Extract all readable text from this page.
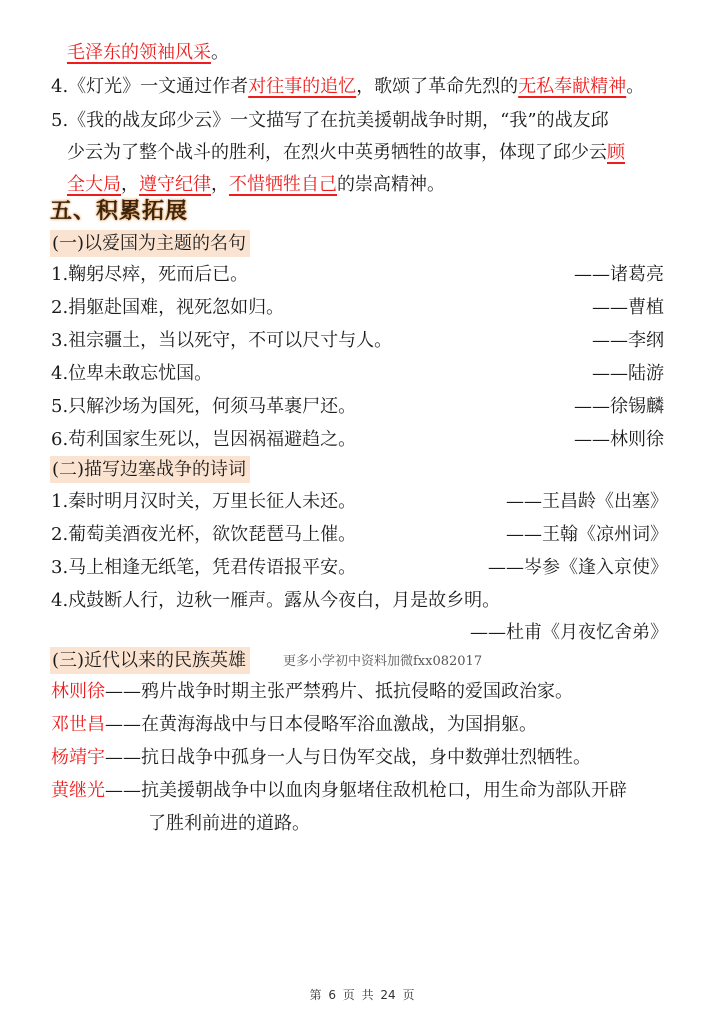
毛泽东的领袖风采。
4.《灯光》一文通过作者对往事的追忆，歌颂了革命先烈的无私奉献精神。
5.《我的战友邱少云》一文描写了在抗美援朝战争时期，“我”的战友邱
少云为了整个战斗的胜利，在烈火中英勇牺牲的故事，体现了邱少云顾
全大局，遵守纪律，不惜牺牲自己的崇高精神。
五、积累拓展
(一)以爱国为主题的名句
1.鞠躬尽瘁，死而后已。	——诸葛亮
2.捐躯赴国难，视死忽如归。	——曹植
3.祖宗疆土，当以死守，不可以尺寸与人。	——李纲
4.位卑未敢忘忧国。	——陆游
5.只解沙场为国死，何须马革裹尸还。	——徐锡麟
6.苟利国家生死以，岂因祸福避趋之。	——林则徐
(二)描写边塞战争的诗词
1.秦时明月汉时关，万里长征人未还。	——王昌龄《出塞》
2.葡萄美酒夜光杯，欲饮琵琶马上催。	——王翰《凉州词》
3.马上相逢无纸笔，凭君传语报平安。	——岑参《逢入京使》
4.戍鼓断人行，边秋一雁声。露从今夜白，月是故乡明。
——杜甫《月夜忆舍弟》
(三)近代以来的民族英雄	更多小学初中资料加微fxx082017
林则徐——鸦片战争时期主张严禁鸦片、抵抗侵略的爱国政治家。
邓世昌——在黄海海战中与日本侵略军浴血激战，为国捐躯。
杨靖宇——抗日战争中孤身一人与日伪军交战，身中数弹壮烈牺牲。
黄继光——抗美援朝战争中以血肉身躯堵住敌机枪口，用生命为部队开辟
了胜利前进的道路。
第 6 页 共 24 页
